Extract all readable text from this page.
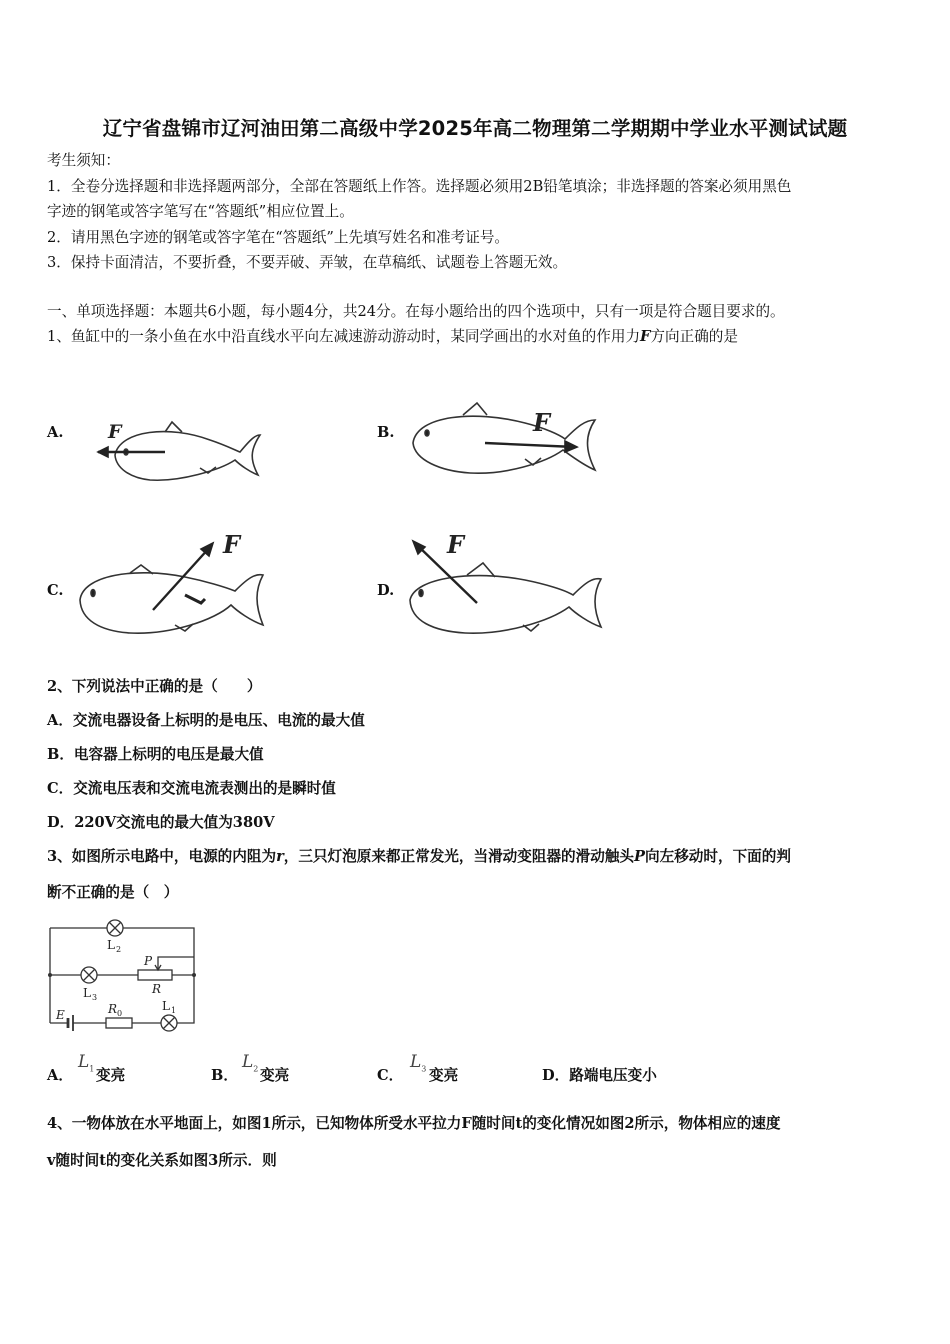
辽宁省盘锦市辽河油田第二高级中学2025年高二物理第二学期期中学业水平测试试题
考生须知：
1．全卷分选择题和非选择题两部分，全部在答题纸上作答。选择题必须用2B铅笔填涂；非选择题的答案必须用黑色
字迹的钢笔或答字笔写在“答题纸”相应位置上。
2．请用黑色字迹的钢笔或答字笔在“答题纸”上先填写姓名和准考证号。
3．保持卡面清洁，不要折叠，不要弄破、弄皱，在草稿纸、试题卷上答题无效。
一、单项选择题：本题共6小题，每小题4分，共24分。在每小题给出的四个选项中，只有一项是符合题目要求的。
1、鱼缸中的一条小鱼在水中沿直线水平向左减速游动游动时，某同学画出的水对鱼的作用力F方向正确的是
A.	B.
C.	D.
F	F
F	F
2、下列说法中正确的是（　　）
A．交流电器设备上标明的是电压、电流的最大值
B．电容器上标明的电压是最大值
C．交流电压表和交流电流表测出的是瞬时值
D．220V交流电的最大值为380V
3、如图所示电路中，电源的内阻为r，三只灯泡原来都正常发光，当滑动变阻器的滑动触头P向左移动时，下面的判
断不正确的是（　）
L 2
L 3
P
R
L 1
E	R 0
A．
$L_1$ 变亮	B．
$L_2$ 变亮	C．
$L_3$ 变亮	D．路端电压变小
4、一物体放在水平地面上，如图1所示，已知物体所受水平拉力F随时间t的变化情况如图2所示，物体相应的速度
v随时间t的变化关系如图3所示．则
